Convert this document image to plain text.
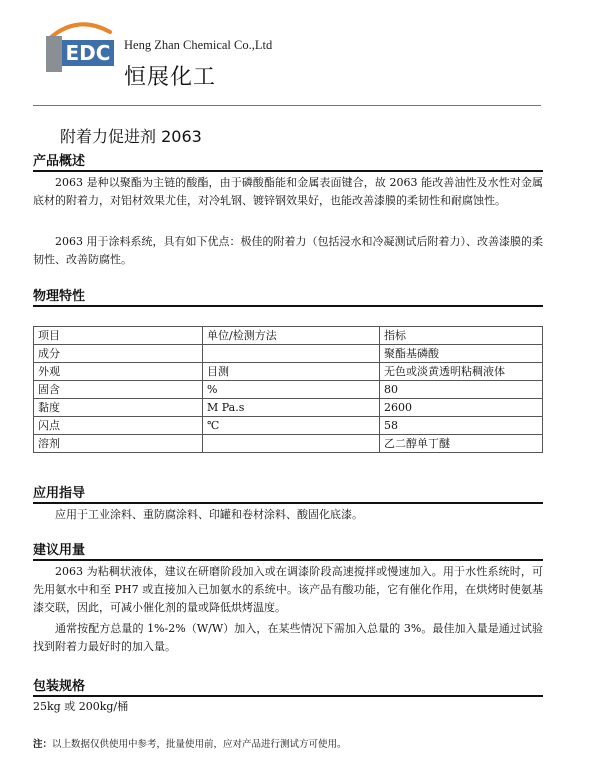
EDC Heng Zhan Chemical Co.,Ltd
恒展化工
附着力促进剂 2063
产品概述
2063 是种以聚酯为主链的酸酯，由于磷酸酯能和金属表面键合，故 2063 能改善油性及水性对金属底材的附着力，对铝材效果尤佳，对冷轧钢、镀锌钢效果好，也能改善漆膜的柔韧性和耐腐蚀性。
2063 用于涂料系统，具有如下优点：极佳的附着力（包括浸水和冷凝测试后附着力）、改善漆膜的柔韧性、改善防腐性。
物理特性
项目	单位/检测方法	指标
成分		聚酯基磷酸
外观	目测	无色或淡黄透明粘稠液体
固含	%	80
黏度	M Pa.s	2600
闪点	℃	58
溶剂		乙二醇单丁醚
应用指导
应用于工业涂料、重防腐涂料、印罐和卷材涂料、酸固化底漆。
建议用量
2063 为粘稠状液体，建议在研磨阶段加入或在调漆阶段高速搅拌或慢速加入。用于水性系统时，可先用氨水中和至 PH7 或直接加入已加氨水的系统中。该产品有酸功能，它有催化作用，在烘烤时使氨基漆交联，因此，可减小催化剂的量或降低烘烤温度。
通常按配方总量的 1%-2%（W/W）加入，在某些情况下需加入总量的 3%。最佳加入量是通过试验找到附着力最好时的加入量。
包装规格
25kg 或 200kg/桶
注：以上数据仅供使用中参考，批量使用前，应对产品进行测试方可使用。
